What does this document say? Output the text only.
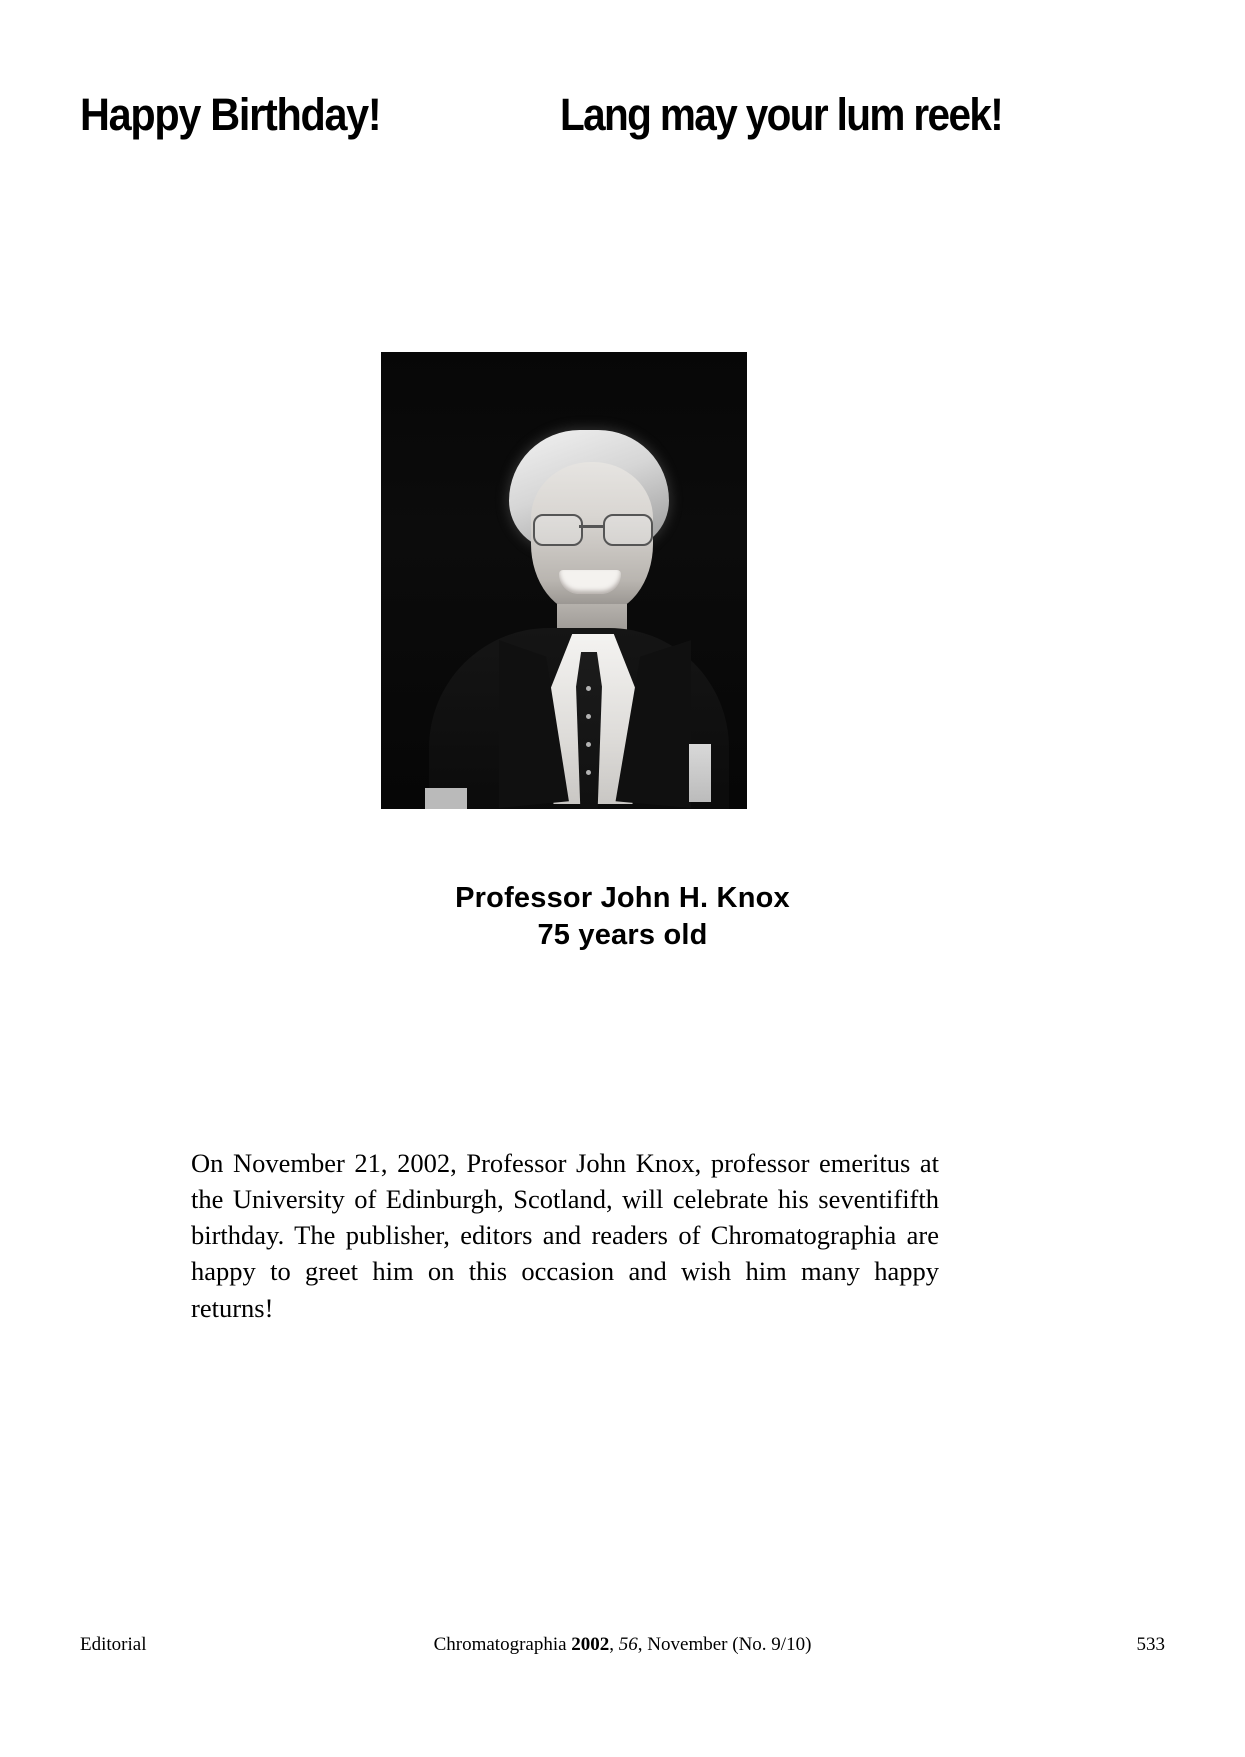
Happy Birthday!	Lang may your lum reek!
Professor John H. Knox
75 years old

On November 21, 2002, Professor John Knox, professor emeritus at the University of Edinburgh, Scotland, will celebrate his seventififth birthday. The publisher, editors and readers of Chromatographia are happy to greet him on this occasion and wish him many happy returns!

Editorial	Chromatographia 2002, 56, November (No. 9/10)	533
